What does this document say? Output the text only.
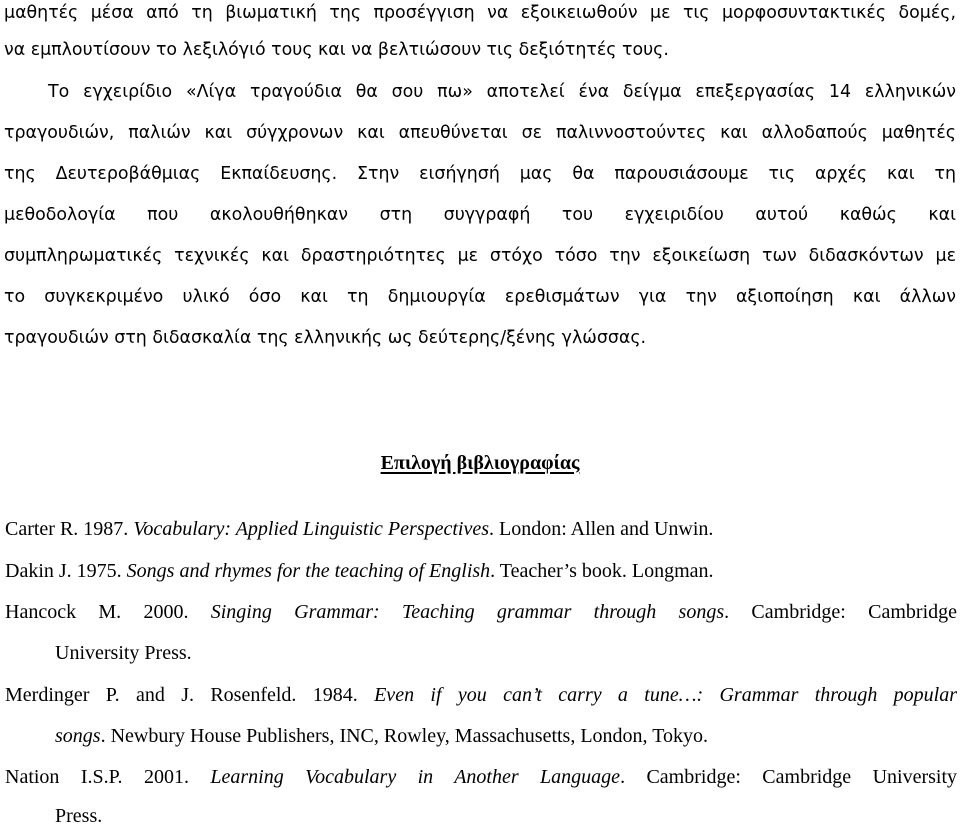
μαθητές μέσα από τη βιωματική της προσέγγιση να εξοικειωθούν με τις μορφοσυντακτικές δομές,
να εμπλουτίσουν το λεξιλόγιό τους και να βελτιώσουν τις δεξιότητές τους.
Το εγχειρίδιο «Λίγα τραγούδια θα σου πω» αποτελεί ένα δείγμα επεξεργασίας 14 ελληνικών
τραγουδιών, παλιών και σύγχρονων και απευθύνεται σε παλιννοστούντες και αλλοδαπούς μαθητές
της Δευτεροβάθμιας Εκπαίδευσης. Στην εισήγησή μας θα παρουσιάσουμε τις αρχές και τη
μεθοδολογία που ακολουθήθηκαν στη συγγραφή του εγχειριδίου αυτού καθώς και
συμπληρωματικές τεχνικές και δραστηριότητες με στόχο τόσο την εξοικείωση των διδασκόντων με
το συγκεκριμένο υλικό όσο και τη δημιουργία ερεθισμάτων για την αξιοποίηση και άλλων
τραγουδιών στη διδασκαλία της ελληνικής ως δεύτερης/ξένης γλώσσας.
Επιλογή βιβλιογραφίας
Carter R. 1987. Vocabulary: Applied Linguistic Perspectives. London: Allen and Unwin.
Dakin J. 1975. Songs and rhymes for the teaching of English. Teacher’s book. Longman.
Hancock M. 2000. Singing Grammar: Teaching grammar through songs. Cambridge: Cambridge
University Press.
Merdinger P. and J. Rosenfeld. 1984. Even if you can’t carry a tune…: Grammar through popular
songs. Newbury House Publishers, INC, Rowley, Massachusetts, London, Tokyo.
Nation I.S.P. 2001. Learning Vocabulary in Another Language. Cambridge: Cambridge University
Press.
